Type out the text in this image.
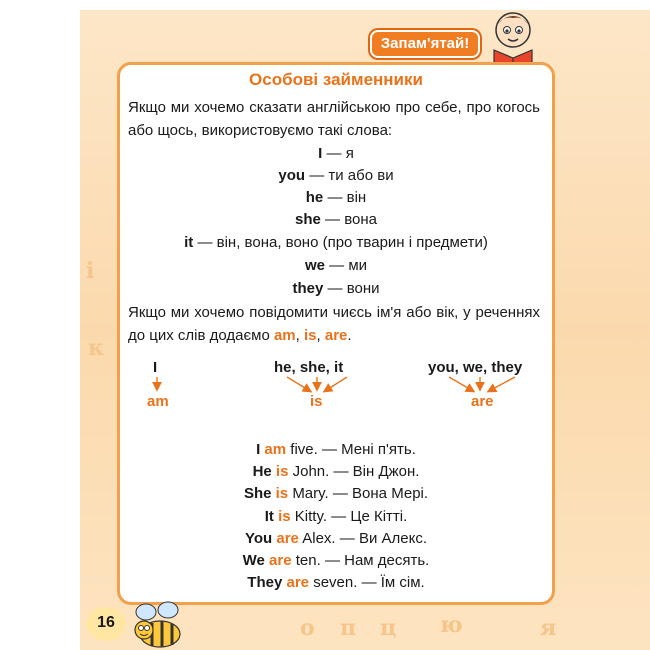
і
к
о п ц ю	я
Запам'ятай!
Особові займенники

Якщо ми хочемо сказати англійською про себе, про когось або щось, використовуємо такі слова:

I — я
you — ти або ви
he — він
she — вона
it — він, вона, воно (про тварин і предмети)
we — ми
they — вони

Якщо ми хочемо повідомити чиєсь ім'я або вік, у реченнях до цих слів додаємо am, is, are.

I
am
he, she, it
is
you, we, they
are
I am five. — Мені п'ять.
He is John. — Він Джон.
She is Mary. — Вона Мері.
It is Kitty. — Це Кітті.
You are Alex. — Ви Алекс.
We are ten. — Нам десять.
They are seven. — Їм сім.
16
